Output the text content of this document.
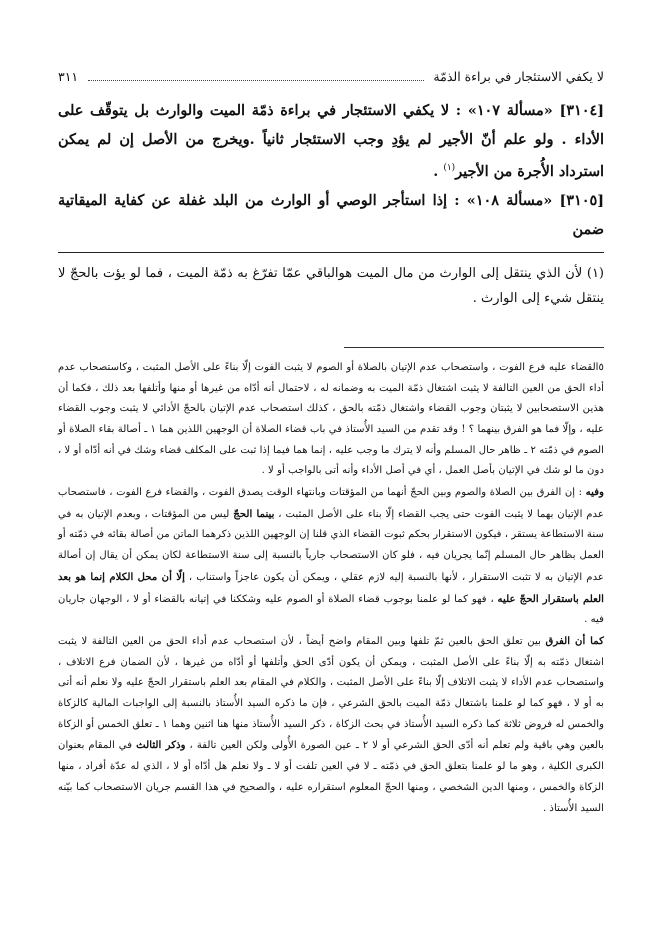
لا يكفي الاستئجار في براءة الذمّة
٣١١

[٣١٠٤] «مسألة ١٠٧» : لا يكفي الاستئجار في براءة ذمّة الميت والوارث بل يتوقّف على الأداء . ولو علم أنّ الأجير لم يؤدِ وجب الاستئجار ثانياً .ويخرج من الأصل إن لم يمكن استرداد الأُجرة من الأجير$^{(١)}$ .

[٣١٠٥] «مسألة ١٠٨» : إذا استأجر الوصي أو الوارث من البلد غفلة عن كفاية الميقاتية ضمن

(١) لأن الذي ينتقل إلى الوارث من مال الميت هوالباقي عمّا تفرّغ به ذمّة الميت ، فما لو يؤت بالحجّ لا ينتقل شيء إلى الوارث .

٥القضاء عليه فرع الفوت ، واستصحاب عدم الإتيان بالصلاة أو الصوم لا يثبت الفوت إلّا بناءً على الأصل المثبت ، وكاستصحاب عدم أداء الحق من العين التالفة لا يثبت اشتغال ذمّة الميت به وضمانه له ، لاحتمال أنه أدّاه من غيرها أو منها وأتلفها بعد ذلك ، فكما أن هذين الاستصحابين لا يثبتان وجوب القضاء واشتغال ذمّته بالحق ، كذلك استصحاب عدم الإتيان بالحجّ الأدائي لا يثبت وجوب القضاء عليه ، وإلّا فما هو الفرق بينهما ؟ ! وقد تقدم من السيد الأُستاذ في باب قضاء الصلاة أن الوجهين اللذين هما ١ ـ أصالة بقاء الصلاة أو الصوم في ذمّته ٢ ـ ظاهر حال المسلم وأنه لا يترك ما وجب عليه ، إنما هما فيما إذا ثبت على المكلف قضاء وشك في أنه أدّاه أو لا ، دون ما لو شك في الإتيان بأصل العمل ، أي في أصل الأداء وأنه أتى بالواجب أو لا .

وفيه : إن الفرق بين الصلاة والصوم وبين الحجّ أنهما من المؤقتات وبانتهاء الوقت يصدق الفوت ، والقضاء فرع الفوت ، فاستصحاب عدم الإتيان بهما لا يثبت الفوت حتى يجب القضاء إلّا بناء على الأصل المثبت ، بينما الحجّ ليس من المؤقتات ، وبعدم الإتيان به في سنة الاستطاعة يستقر ، فيكون الاستقرار بحكم ثبوت القضاء الذي قلنا إن الوجهين اللذين ذكرهما الماتن من أصالة بقائه في ذمّته أو العمل بظاهر حال المسلم إنّما يجريان فيه ، فلو كان الاستصحاب جارياً بالنسبة إلى سنة الاستطاعة لكان يمكن أن يقال إن أصالة عدم الإتيان به لا تثبت الاستقرار ، لأنها بالنسبة إليه لازم عقلي ، ويمكن أن يكون عاجزاً واستناب ، إلّا أن محل الكلام إنما هو بعد العلم باستقرار الحجّ عليه ، فهو كما لو علمنا بوجوب قضاء الصلاة أو الصوم عليه وشككنا في إتيانه بالقضاء أو لا ، الوجهان جاريان فيه .

كما أن الفرق بين تعلق الحق بالعين ثمّ تلفها وبين المقام واضح أيضاً ، لأن استصحاب عدم أداء الحق من العين التالفة لا يثبت اشتغال ذمّته به إلّا بناءً على الأصل المثبت ، ويمكن أن يكون أدّى الحق وأتلفها أو أدّاه من غيرها ، لأن الضمان فرع الاتلاف ، واستصحاب عدم الأداء لا يثبت الاتلاف إلّا بناءً على الأصل المثبت ، والكلام في المقام بعد العلم باستقرار الحجّ عليه ولا نعلم أنه أتى به أو لا ، فهو كما لو علمنا باشتغال ذمّة الميت بالحق الشرعي ، فإن ما ذكره السيد الأُستاذ بالنسبة إلى الواجبات المالية كالزكاة والخمس له فروض ثلاثة كما ذكره السيد الأُستاذ في بحث الزكاة ، ذكر السيد الأُستاذ منها هنا اثنين وهما ١ ـ تعلق الخمس أو الزكاة بالعين وهي باقية ولم تعلم أنه أدّى الحق الشرعي أو لا ٢ ـ عين الصورة الأُولى ولكن العين تالفة ، وذكر الثالث في المقام بعنوان الكبرى الكلية ، وهو ما لو علمنا بتعلق الحق في ذمّته ـ لا في العين تلفت أو لا ـ ولا نعلم هل أدّاه أو لا ، الذي له عدّة أفراد ، منها الزكاة والخمس ، ومنها الدين الشخصي ، ومنها الحجّ المعلوم استقراره عليه ، والصحيح في هذا القسم جريان الاستصحاب كما بيّنه السيد الأُستاذ .
